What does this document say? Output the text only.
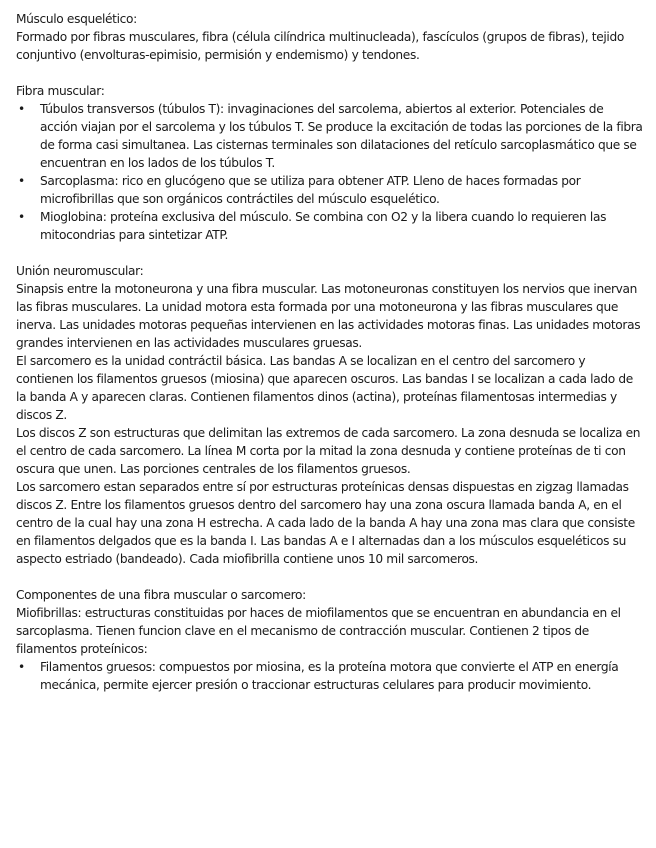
Músculo esquelético:

Formado por fibras musculares, fibra (célula cilíndrica multinucleada), fascículos (grupos de fibras), tejido conjuntivo (envolturas-epimisio, permisión y endemismo) y tendones.

Fibra muscular:

• Túbulos transversos (túbulos T): invaginaciones del sarcolema, abiertos al exterior. Potenciales de acción viajan por el sarcolema y los túbulos T. Se produce la excitación de todas las porciones de la fibra de forma casi simultanea. Las cisternas terminales son dilataciones del retículo sarcoplasmático que se encuentran en los lados de los túbulos T.
• Sarcoplasma: rico en glucógeno que se utiliza para obtener ATP. Lleno de haces formadas por microfibrillas que son orgánicos contráctiles del músculo esquelético.
• Mioglobina: proteína exclusiva del músculo. Se combina con O2 y la libera cuando lo requieren las mitocondrias para sintetizar ATP.

Unión neuromuscular:

Sinapsis entre la motoneurona y una fibra muscular. Las motoneuronas constituyen los nervios que inervan las fibras musculares. La unidad motora esta formada por una motoneurona y las fibras musculares que inerva. Las unidades motoras pequeñas intervienen en las actividades motoras finas. Las unidades motoras grandes intervienen en las actividades musculares gruesas.

El sarcomero es la unidad contráctil básica. Las bandas A se localizan en el centro del sarcomero y contienen los filamentos gruesos (miosina) que aparecen oscuros. Las bandas I se localizan a cada lado de la banda A y aparecen claras. Contienen filamentos dinos (actina), proteínas filamentosas intermedias y discos Z.

Los discos Z son estructuras que delimitan las extremos de cada sarcomero. La zona desnuda se localiza en el centro de cada sarcomero. La línea M corta por la mitad la zona desnuda y contiene proteínas de ti con oscura que unen. Las porciones centrales de los filamentos gruesos.

Los sarcomero estan separados entre sí por estructuras proteínicas densas dispuestas en zigzag llamadas discos Z. Entre los filamentos gruesos dentro del sarcomero hay una zona oscura llamada banda A, en el centro de la cual hay una zona H estrecha. A cada lado de la banda A hay una zona mas clara que consiste en filamentos delgados que es la banda I. Las bandas A e I alternadas dan a los músculos esqueléticos su aspecto estriado (bandeado). Cada miofibrilla contiene unos 10 mil sarcomeros.

Componentes de una fibra muscular o sarcomero:

Miofibrillas: estructuras constituidas por haces de miofilamentos que se encuentran en abundancia en el sarcoplasma. Tienen funcion clave en el mecanismo de contracción muscular. Contienen 2 tipos de filamentos proteínicos:

• Filamentos gruesos: compuestos por miosina, es la proteína motora que convierte el ATP en energía mecánica, permite ejercer presión o traccionar estructuras celulares para producir movimiento.
